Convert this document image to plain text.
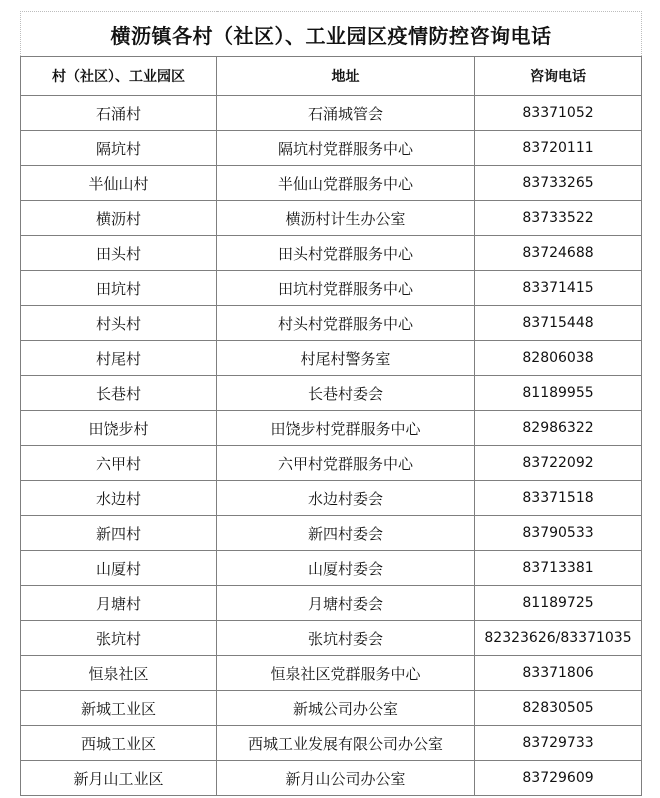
横沥镇各村（社区）、工业园区疫情防控咨询电话		
村（社区）、工业园区	地址	咨询电话
石涌村	石涌城管会	83371052
隔坑村	隔坑村党群服务中心	83720111
半仙山村	半仙山党群服务中心	83733265
横沥村	横沥村计生办公室	83733522
田头村	田头村党群服务中心	83724688
田坑村	田坑村党群服务中心	83371415
村头村	村头村党群服务中心	83715448
村尾村	村尾村警务室	82806038
长巷村	长巷村委会	81189955
田饶步村	田饶步村党群服务中心	82986322
六甲村	六甲村党群服务中心	83722092
水边村	水边村委会	83371518
新四村	新四村委会	83790533
山厦村	山厦村委会	83713381
月塘村	月塘村委会	81189725
张坑村	张坑村委会	82323626/83371035
恒泉社区	恒泉社区党群服务中心	83371806
新城工业区	新城公司办公室	82830505
西城工业区	西城工业发展有限公司办公室	83729733
新月山工业区	新月山公司办公室	83729609
